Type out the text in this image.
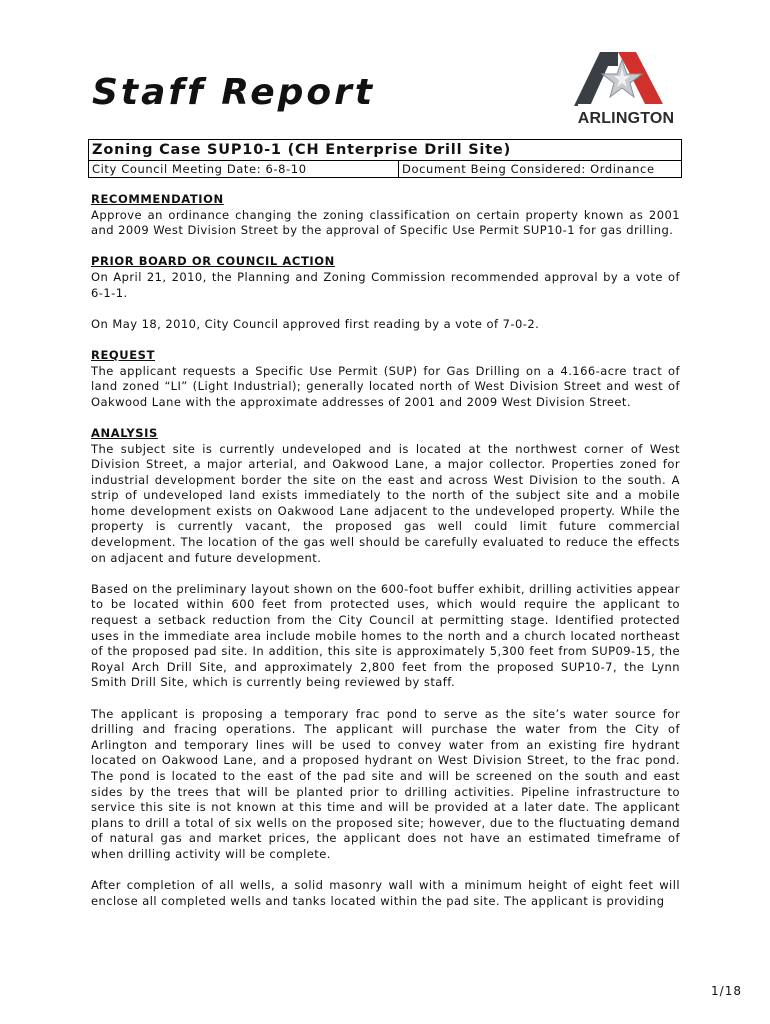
Staff Report
ARLINGTON
Zoning Case SUP10-1 (CH Enterprise Drill Site)
City Council Meeting Date: 6-8-10	Document Being Considered: Ordinance

RECOMMENDATION

Approve an ordinance changing the zoning classification on certain property known as 2001 and 2009 West Division Street by the approval of Specific Use Permit SUP10-1 for gas drilling.

PRIOR BOARD OR COUNCIL ACTION

On April 21, 2010, the Planning and Zoning Commission recommended approval by a vote of 6-1-1.

On May 18, 2010, City Council approved first reading by a vote of 7-0-2.

REQUEST

The applicant requests a Specific Use Permit (SUP) for Gas Drilling on a 4.166-acre tract of land zoned “LI” (Light Industrial); generally located north of West Division Street and west of Oakwood Lane with the approximate addresses of 2001 and 2009 West Division Street.

ANALYSIS

The subject site is currently undeveloped and is located at the northwest corner of West Division Street, a major arterial, and Oakwood Lane, a major collector. Properties zoned for industrial development border the site on the east and across West Division to the south. A strip of undeveloped land exists immediately to the north of the subject site and a mobile home development exists on Oakwood Lane adjacent to the undeveloped property. While the property is currently vacant, the proposed gas well could limit future commercial development. The location of the gas well should be carefully evaluated to reduce the effects on adjacent and future development.

Based on the preliminary layout shown on the 600-foot buffer exhibit, drilling activities appear to be located within 600 feet from protected uses, which would require the applicant to request a setback reduction from the City Council at permitting stage. Identified protected uses in the immediate area include mobile homes to the north and a church located northeast of the proposed pad site. In addition, this site is approximately 5,300 feet from SUP09-15, the Royal Arch Drill Site, and approximately 2,800 feet from the proposed SUP10-7, the Lynn Smith Drill Site, which is currently being reviewed by staff.

The applicant is proposing a temporary frac pond to serve as the site’s water source for drilling and fracing operations. The applicant will purchase the water from the City of Arlington and temporary lines will be used to convey water from an existing fire hydrant located on Oakwood Lane, and a proposed hydrant on West Division Street, to the frac pond. The pond is located to the east of the pad site and will be screened on the south and east sides by the trees that will be planted prior to drilling activities. Pipeline infrastructure to service this site is not known at this time and will be provided at a later date. The applicant plans to drill a total of six wells on the proposed site; however, due to the fluctuating demand of natural gas and market prices, the applicant does not have an estimated timeframe of when drilling activity will be complete.

After completion of all wells, a solid masonry wall with a minimum height of eight feet will enclose all completed wells and tanks located within the pad site. The applicant is providing

1/18
